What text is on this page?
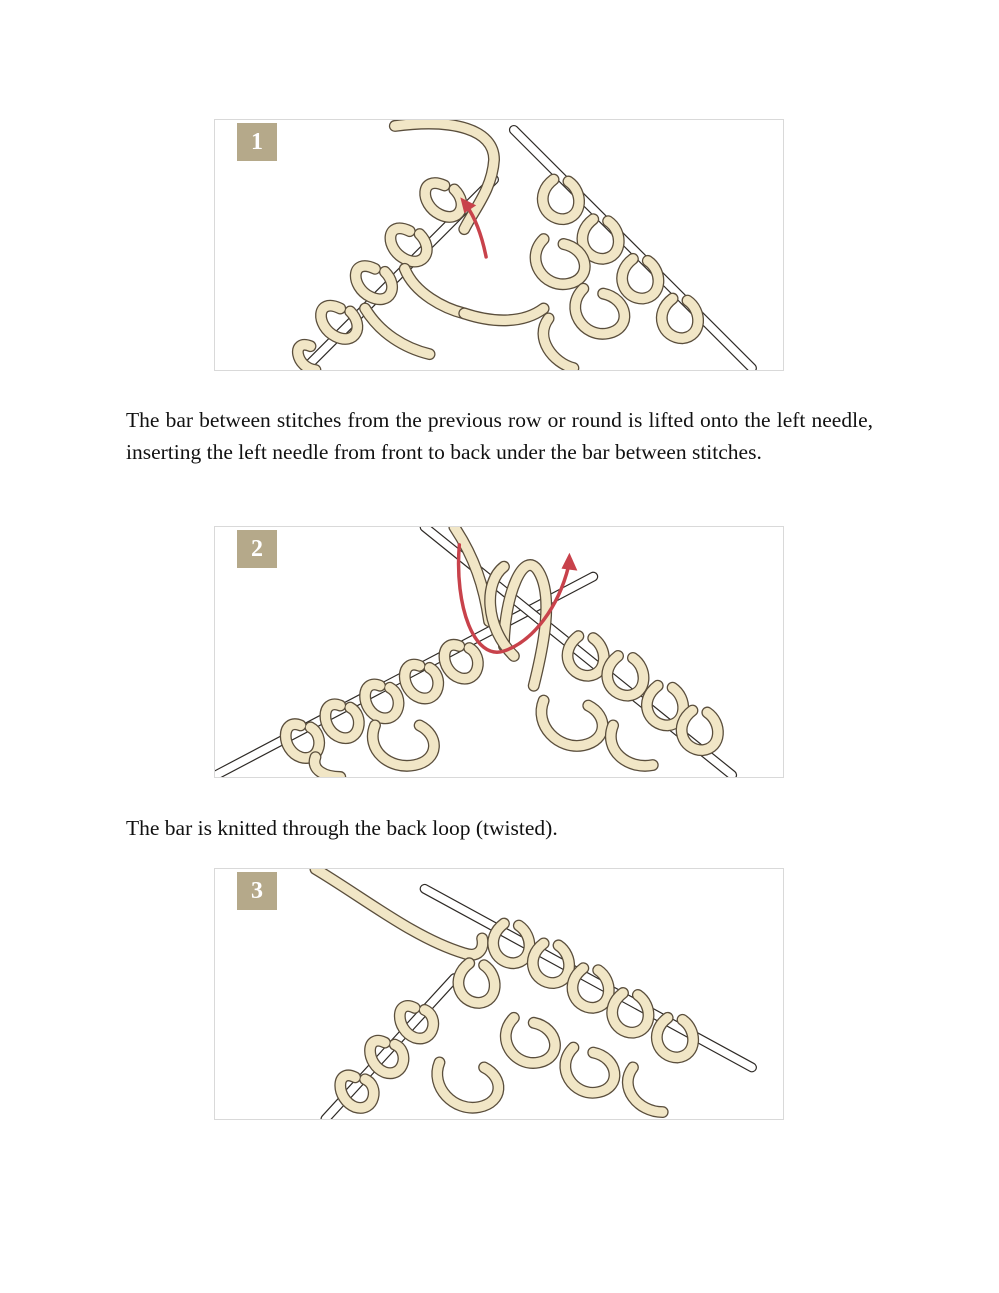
1

The bar between stitches from the previous row or round is lifted onto the left needle, inserting the left needle from front to back under the bar between stitches.

2

The bar is knitted through the back loop (twisted).

3
